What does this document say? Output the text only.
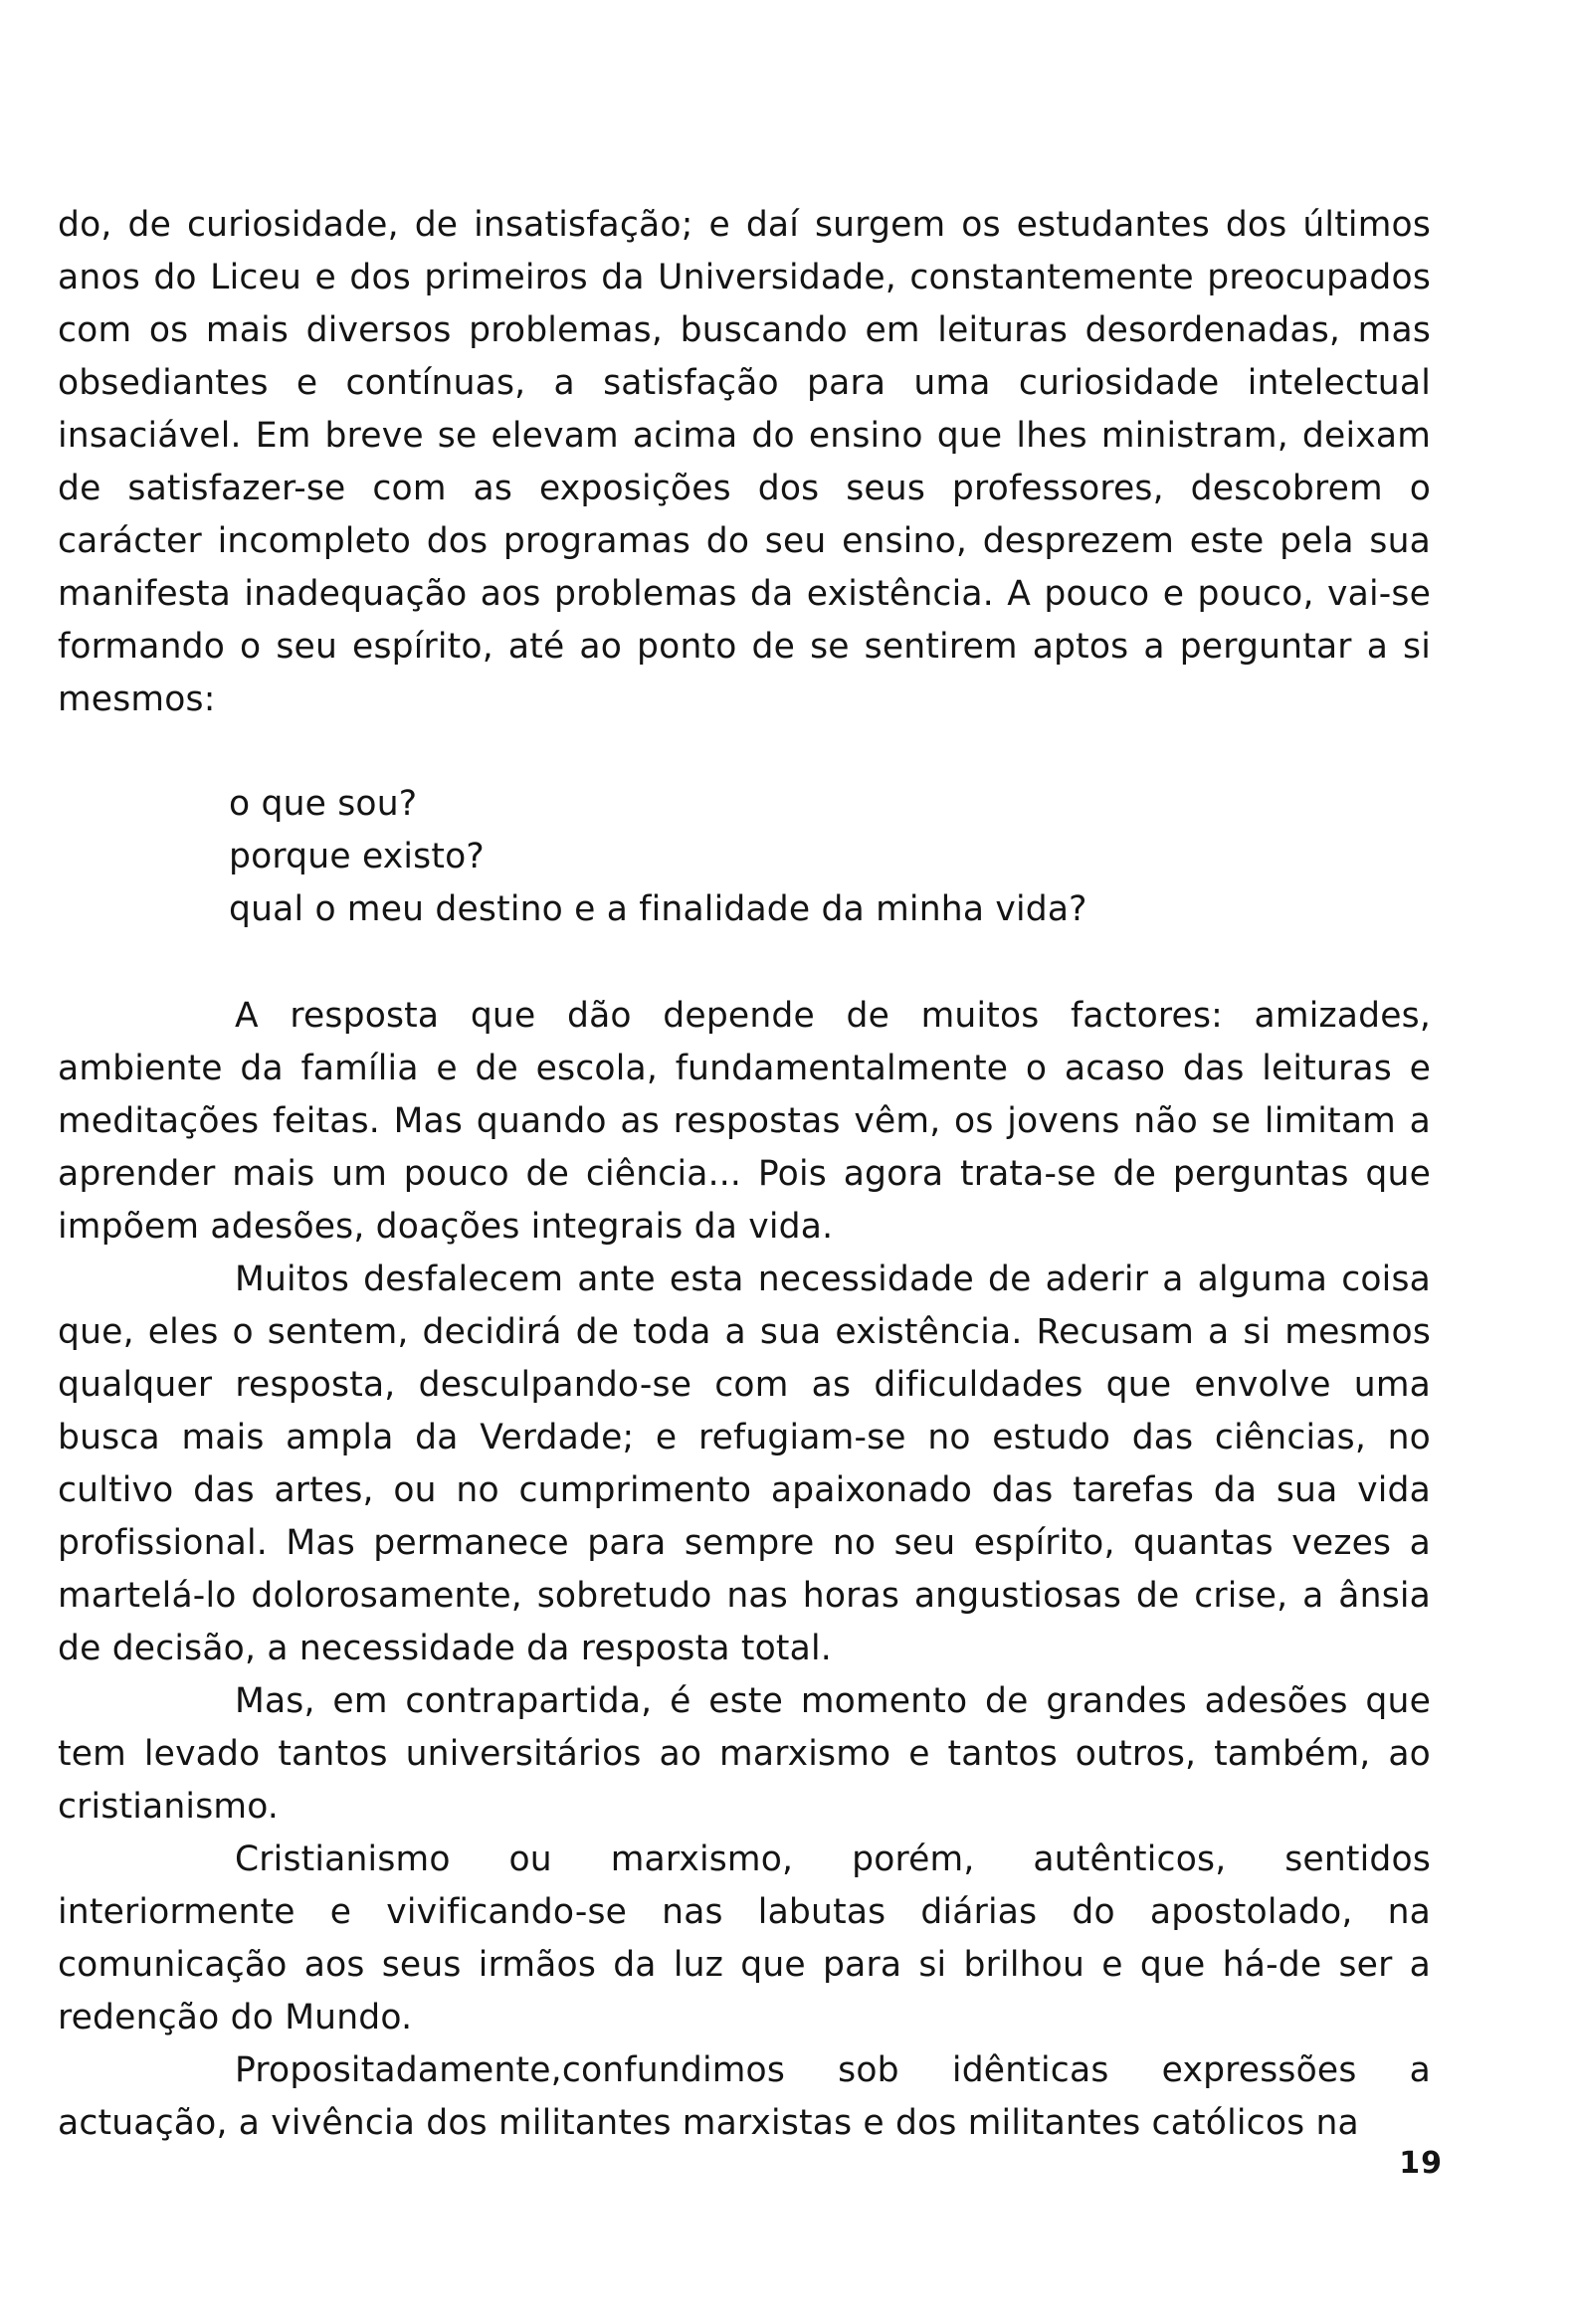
do, de curiosidade, de insatisfação; e daí surgem os estudantes dos últimos anos do Liceu e dos primeiros da Universidade, constantemente preocupados com os mais diversos problemas, buscando em leituras desordenadas, mas obsediantes e contínuas, a satisfação para uma curiosidade intelectual insaciável. Em breve se elevam acima do ensino que lhes ministram, deixam de satisfazer-se com as exposições dos seus professores, descobrem o carácter incompleto dos programas do seu ensino, desprezem este pela sua manifesta inadequação aos problemas da existência. A pouco e pouco, vai-se formando o seu espírito, até ao ponto de se sentirem aptos a perguntar a si mesmos:

o que sou?
porque existo?
qual o meu destino e a finalidade da minha vida?

A resposta que dão depende de muitos factores: amizades, ambiente da família e de escola, fundamentalmente o acaso das leituras e meditações feitas. Mas quando as respostas vêm, os jovens não se limitam a aprender mais um pouco de ciência... Pois agora trata-se de perguntas que impõem adesões, doações integrais da vida.

Muitos desfalecem ante esta necessidade de aderir a alguma coisa que, eles o sentem, decidirá de toda a sua existência. Recusam a si mesmos qualquer resposta, desculpando-se com as dificuldades que envolve uma busca mais ampla da Verdade; e refugiam-se no estudo das ciências, no cultivo das artes, ou no cumprimento apaixonado das tarefas da sua vida profissional. Mas permanece para sempre no seu espírito, quantas vezes a martelá-lo dolorosamente, sobretudo nas horas angustiosas de crise, a ânsia de decisão, a necessidade da resposta total.

Mas, em contrapartida, é este momento de grandes adesões que tem levado tantos universitários ao marxismo e tantos outros, também, ao cristianismo.

Cristianismo ou marxismo, porém, autênticos, sentidos interiormente e vivificando-se nas labutas diárias do apostolado, na comunicação aos seus irmãos da luz que para si brilhou e que há-de ser a redenção do Mundo.

Propositadamente,confundimos sob idênticas expressões a actuação, a vivência dos militantes marxistas e dos militantes católicos na

19
